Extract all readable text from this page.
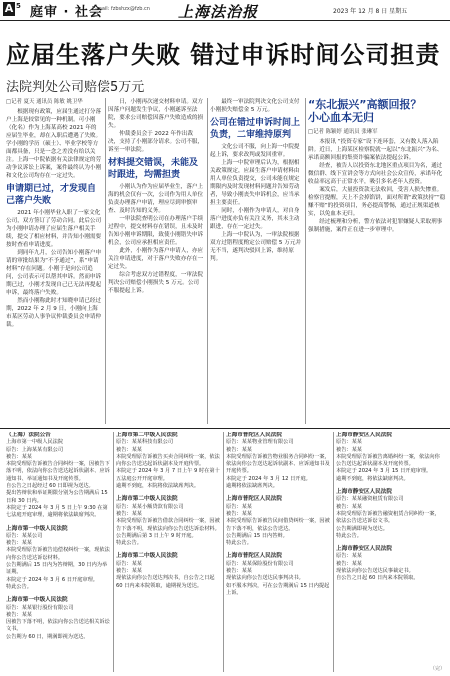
A 5 庭审 · 社会
E-mail: fzbshzx@fzb.cn 上海法治报	2023 年 12 月 8 日 星期五
应届生落户失败 错过申诉时间公司担责
法院判处公司赔偿5万元
□记者 夏天 通讯员 陈敏 姚卫华

　　根据现有政策，应届生通过打分落户上海是较常见的一种机制。可小刚（化名）作为上海某高校 2021 年的应届生毕业，却在入职后遭遇了失败。学小刚的学历（硕士）、毕业学校等方面都具备，只是一念之差没有给以关注。上海一中院依据有关法律规定的劳动争议诉讼上诉案，案件最终认为小刚和文化公司均存在一定过失。

申请期已过，才发现自己落户失败

　　2021 年小刚毕业入职了一家文化公司，双方签订了劳动合同。此后公司为小刚申请办理了应届生落户相关手续，提交了相应材料，并告知小刚需要按时查看申请进度。

　　到同年九月，公司告知小刚落户申请的审批结果为“不予通过”，系“申请材料”存在问题。小刚于是向公司追问，公司表示可以帮其申诉。然而申诉期已过，小刚才发现自己已无法再提起申诉，最终落户失败。

　　然而小刚称此时才知晓申请已经过期，2022 年 2 月 9 日，小刚向上海市某区劳动人事争议仲裁委员会申请仲裁。

　　日，小刚再次递交材料申请。双方因落户问题发生争议，小刚遂诉至法院，要求公司赔偿因落户失败造成的损失。

　　仲裁委员会于 2022 年作出裁决，支持了小刚部分请求。公司不服，诉至一审法院。

材料提交错误，未能及时跟进，均需担责

　　小刚认为作为应届毕业生，落户上海的机会仅有一次，公司作为用人单位负责办理落户申请，理应尽到审慎审查、及时告知的义务。

　　一审法院查明公司在办理落户手续过程中，提交材料存在错误，且未及时告知小刚申诉期限，致使小刚错失申诉机会，公司应承担相应责任。

　　此外，小刚作为落户申请人，亦应关注申请进度，对于落户失败亦存在一定过失。

　　综合考虑双方过错程度，一审法院判决公司赔偿小刚损失 5 万元。公司不服提起上诉。

　　最终一审法院判决文化公司支付小刚损失赔偿金 5 万元。

公司在错过申诉时间上负责，二审维持原判

　　文化公司不服，向上海一中院提起上诉，要求改判或发回重审。

　　上海一中院审理后认为，根据相关政策规定，应届生落户申请材料由用人单位负责提交，公司未能在规定期限内及时发现材料问题并告知劳动者，导致小刚丧失申诉机会，应当承担主要责任。

　　同时，小刚作为申请人，对自身落户进度亦负有关注义务，其未主动跟进，存在一定过失。

　　上海一中院认为，一审法院根据双方过错程度酌定公司赔偿 5 万元并无不当，遂判决驳回上诉，维持原判。

“东北振兴”高额回报？
小心血本无归
□记者 陈颖婷 通讯员 张琳军

　　本报讯 “投资专家”设下连环套，又有数人落入陷阱。近日，上海某区检察院就一起以“东北振兴”为名、承诺高额回报的集资诈骗案依法提起公诉。

　　经查，被告人以投资东北地区重点项目为名，通过微信群、线下宣讲会等方式向社会公众宣传，承诺年化收益率远高于正常水平，吸引多名老年人投资。

　　案发后，大量投资款无法收回，受害人损失惨重。检察官提醒，天上不会掉馅饼，面对所谓“政策扶持”“稳赚不赔”的投资项目，务必提高警惕，通过正规渠道核实，以免血本无归。

　　经过梳理和分析，警方依法对犯罪嫌疑人采取刑事强制措施，案件正在进一步审理中。

（上海）法院公告
上海市第一中级人民法院
原告：上海某某有限公司
被告：某某
本院受理原告诉被告合同纠纷一案，因被告下落不明，依法向你公告送达起诉状副本、应诉通知书、举证通知书及开庭传票。
自公告之日起经过 60 日即视为送达。
提出答辩状和举证期限分别为公告期满后 15 日和 30 日内。
本院定于 2024 年 3 月 5 日上午 9:30 在第七法庭开庭审理，逾期将依法缺席判决。
上海市第一中级人民法院
原告：某某公司
被告：某某
本院受理原告诉被告追偿权纠纷一案，现依法向你公告送达诉讼材料。
公告期满后 15 日内为答辩期，30 日内为举证期。
本院定于 2024 年 3 月 6 日开庭审理。
特此公告。
上海市第一中级人民法院
原告：某某银行股份有限公司
被告：某某
因被告下落不明，依法向你公告送达相关诉讼文书。
公告期为 60 日，期满即视为送达。
上海市第二中级人民法院
原告：某某科技有限公司
被告：某某
本院受理原告诉被告买卖合同纠纷一案，依法向你公告送达起诉状副本及开庭传票。
本院定于 2024 年 3 月 7 日上午 9 时在第十五法庭公开开庭审理。
逾期不到庭，本院将依法缺席判决。
上海市第二中级人民法院
原告：某某小额贷款有限公司
被告：某某
本院受理原告诉被告借款合同纠纷一案，因被告下落不明，现依法向你公告送达诉讼材料。
公告期满后第 3 日上午 9 时开庭。
特此公告。
上海市第二中级人民法院
原告：某某
被告：某某
现依法向你公告送达判决书，自公告之日起 60 日内来本院领取，逾期视为送达。
上海市普陀区人民法院
原告：某某物业管理有限公司
被告：某某
本院受理原告诉被告物业服务合同纠纷一案，依法向你公告送达起诉状副本、应诉通知书及开庭传票。
本院定于 2024 年 3 月 12 日开庭。
逾期将依法缺席判决。
上海市普陀区人民法院
原告：某某
被告：某某
本院受理原告诉被告民间借贷纠纷一案，因被告下落不明，依法公告送达。
公告期满后 15 日内答辩。
特此公告。
上海市普陀区人民法院
原告：某某保险股份有限公司
被告：某某
现依法向你公告送达民事判决书。
如不服本判决，可在公告期满后 15 日内提起上诉。
上海市静安区人民法院
原告：某某
被告：某某
本院受理原告诉被告离婚纠纷一案，依法向你公告送达起诉状副本及开庭传票。
本院定于 2024 年 3 月 15 日开庭审理。
逾期不到庭，将依法缺席判决。
上海市静安区人民法院
原告：某某融资租赁有限公司
被告：某某
本院受理原告诉被告融资租赁合同纠纷一案，依法公告送达诉讼文书。
公告期满即视为送达。
特此公告。
上海市静安区人民法院
原告：某某
被告：某某
现依法向你公告送达民事裁定书。
自公告之日起 60 日内来本院领取。
（完）
